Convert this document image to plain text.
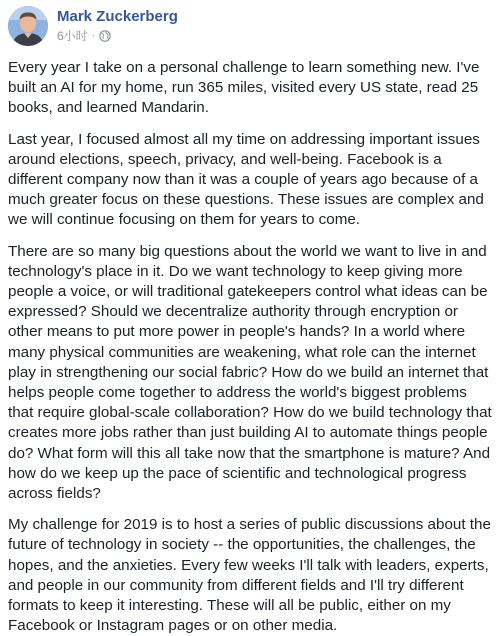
Mark Zuckerberg
6小时 ·

Every year I take on a personal challenge to learn something new. I've built an AI for my home, run 365 miles, visited every US state, read 25 books, and learned Mandarin.

Last year, I focused almost all my time on addressing important issues around elections, speech, privacy, and well-being. Facebook is a different company now than it was a couple of years ago because of a much greater focus on these questions. These issues are complex and we will continue focusing on them for years to come.

There are so many big questions about the world we want to live in and technology's place in it. Do we want technology to keep giving more people a voice, or will traditional gatekeepers control what ideas can be expressed? Should we decentralize authority through encryption or other means to put more power in people's hands? In a world where many physical communities are weakening, what role can the internet play in strengthening our social fabric? How do we build an internet that helps people come together to address the world's biggest problems that require global-scale collaboration? How do we build technology that creates more jobs rather than just building AI to automate things people do? What form will this all take now that the smartphone is mature? And how do we keep up the pace of scientific and technological progress across fields?

My challenge for 2019 is to host a series of public discussions about the future of technology in society -- the opportunities, the challenges, the hopes, and the anxieties. Every few weeks I'll talk with leaders, experts, and people in our community from different fields and I'll try different formats to keep it interesting. These will all be public, either on my Facebook or Instagram pages or on other media.
